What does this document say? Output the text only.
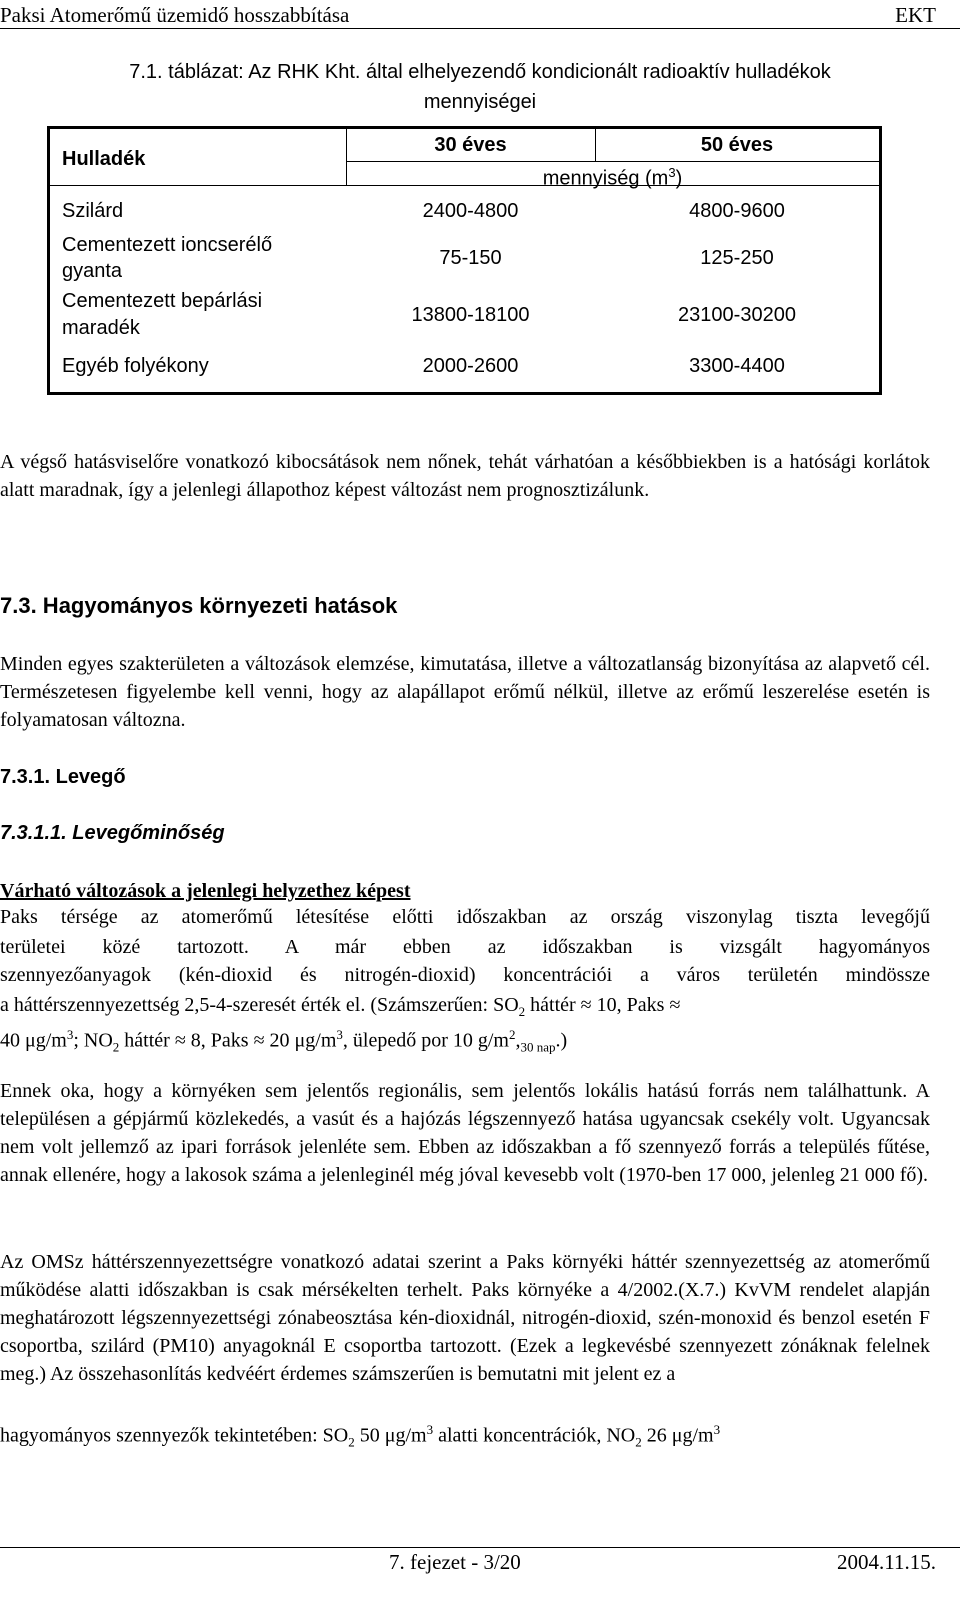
Paksi Atomerőmű üzemidő hosszabbítása	EKT
7.1. táblázat: Az RHK Kht. által elhelyezendő kondicionált radioaktív hulladékok
mennyiségei
Hulladék
30 éves	50 éves
mennyiség $(m^3)$
Szilárd	2400-4800	4800-9600
Cementezett ioncserélő
gyanta
75-150	125-250
Cementezett bepárlási
maradék
13800-18100	23100-30200
Egyéb folyékony	2000-2600	3300-4400
A végső hatásviselőre vonatkozó kibocsátások nem nőnek, tehát várhatóan a későbbiekben is a hatósági korlátok alatt maradnak, így a jelenlegi állapothoz képest változást nem prognosztizálunk.
7.3. Hagyományos környezeti hatások
Minden egyes szakterületen a változások elemzése, kimutatása, illetve a változatlanság bizonyítása az alapvető cél. Természetesen figyelembe kell venni, hogy az alapállapot erőmű nélkül, illetve az erőmű leszerelése esetén is folyamatosan változna.
7.3.1. Levegő
7.3.1.1. Levegőminőség
Várható változások a jelenlegi helyzethez képest
Paks térsége az atomerőmű létesítése előtti időszakban az ország viszonylag tiszta levegőjű
területei közé tartozott. A már ebben az időszakban is vizsgált hagyományos
szennyezőanyagok (kén-dioxid és nitrogén-dioxid) koncentrációi a város területén mindössze
a háttérszennyezettség 2,5-4-szeresét érték el. (Számszerűen: $SO_2$ háttér ≈ 10, Paks ≈
40 $\mu g/m^3$; $NO_2$ háttér ≈ 8, Paks ≈ 20 $\mu g/m^3$, ülepedő por 10 $g/m^2,_{30 nap}$.)
Ennek oka, hogy a környéken sem jelentős regionális, sem jelentős lokális hatású forrás nem találhattunk. A településen a gépjármű közlekedés, a vasút és a hajózás légszennyező hatása ugyancsak csekély volt. Ugyancsak nem volt jellemző az ipari források jelenléte sem. Ebben az időszakban a fő szennyező forrás a település fűtése, annak ellenére, hogy a lakosok száma a jelenleginél még jóval kevesebb volt (1970-ben 17 000, jelenleg 21 000 fő).
Az OMSz háttérszennyezettségre vonatkozó adatai szerint a Paks környéki háttér szennyezettség az atomerőmű működése alatti időszakban is csak mérsékelten terhelt. Paks környéke a 4/2002.(X.7.) KvVM rendelet alapján meghatározott légszennyezettségi zónabeosztása kén-dioxidnál, nitrogén-dioxid, szén-monoxid és benzol esetén F csoportba, szilárd (PM10) anyagoknál E csoportba tartozott. (Ezek a legkevésbé szennyezett zónáknak felelnek meg.) Az összehasonlítás kedvéért érdemes számszerűen is bemutatni mit jelent ez a
hagyományos szennyezők tekintetében: $SO_2$ 50 $\mu g/m^3$ alatti koncentrációk, $NO_2$ 26 $\mu g/m^3$
7. fejezet - 3/20	2004.11.15.
